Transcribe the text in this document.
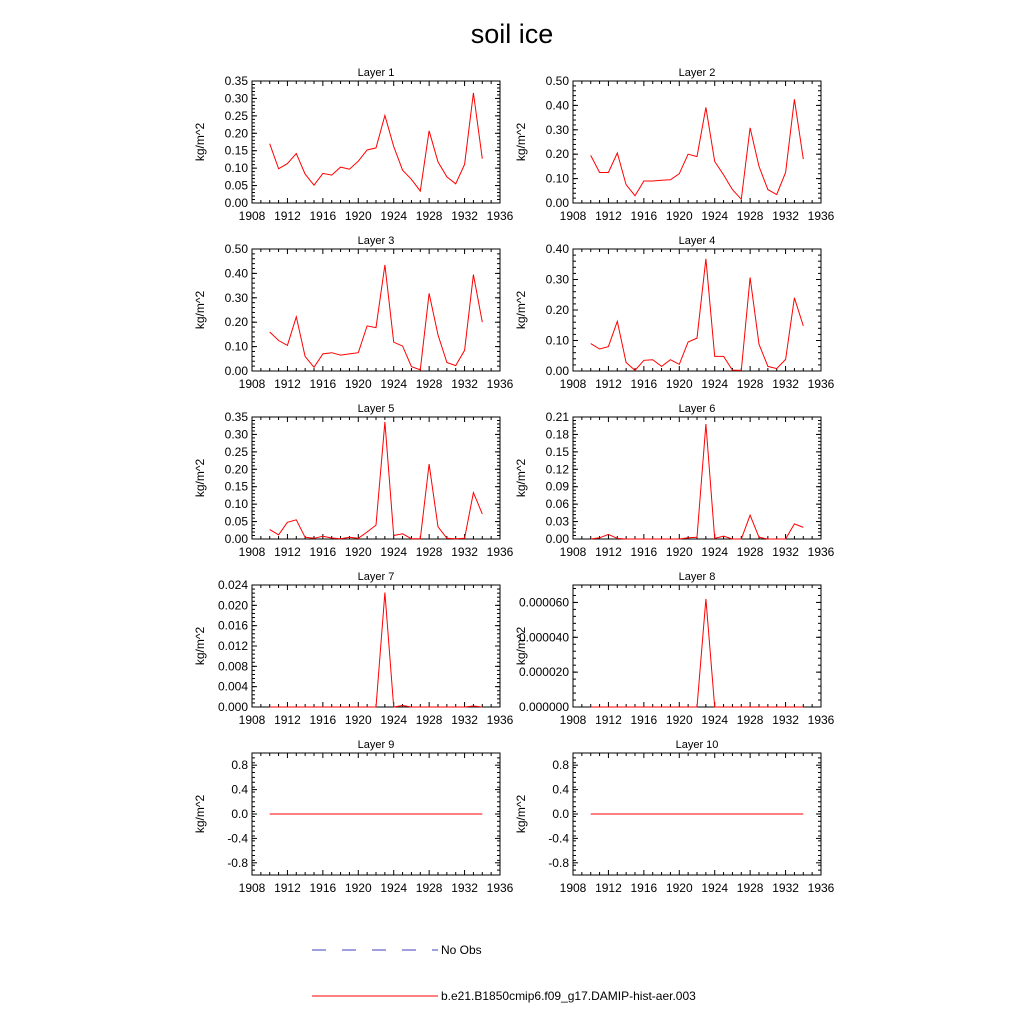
soil ice
Layer 1
1908 1912 1916 1920 1924 1928 1932 1936
0.00
0.05
0.10
0.15
0.20
0.25
0.30
0.35
kg/m^2
Layer 2
1908 1912 1916 1920 1924 1928 1932 1936
0.00
0.10
0.20
0.30
0.40
0.50
kg/m^2
Layer 3
1908 1912 1916 1920 1924 1928 1932 1936
0.00
0.10
0.20
0.30
0.40
0.50
kg/m^2
Layer 4
1908 1912 1916 1920 1924 1928 1932 1936
0.00
0.10
0.20
0.30
0.40
kg/m^2
Layer 5
1908 1912 1916 1920 1924 1928 1932 1936
0.00
0.05
0.10
0.15
0.20
0.25
0.30
0.35
kg/m^2
Layer 6
1908 1912 1916 1920 1924 1928 1932 1936
0.00
0.03
0.06
0.09
0.12
0.15
0.18
0.21
kg/m^2
Layer 7
1908 1912 1916 1920 1924 1928 1932 1936
0.000
0.004
0.008
0.012
0.016
0.020
0.024
kg/m^2
Layer 8
1908 1912 1916 1920 1924 1928 1932 1936
0.000000
0.000020
0.000040
0.000060
kg/m^2
Layer 9
1908 1912 1916 1920 1924 1928 1932 1936
-0.8
-0.4
0.0
0.4
0.8
kg/m^2
Layer 10
1908 1912 1916 1920 1924 1928 1932 1936
-0.8
-0.4
0.0
0.4
0.8
kg/m^2
No Obs
b.e21.B1850cmip6.f09_g17.DAMIP-hist-aer.003
